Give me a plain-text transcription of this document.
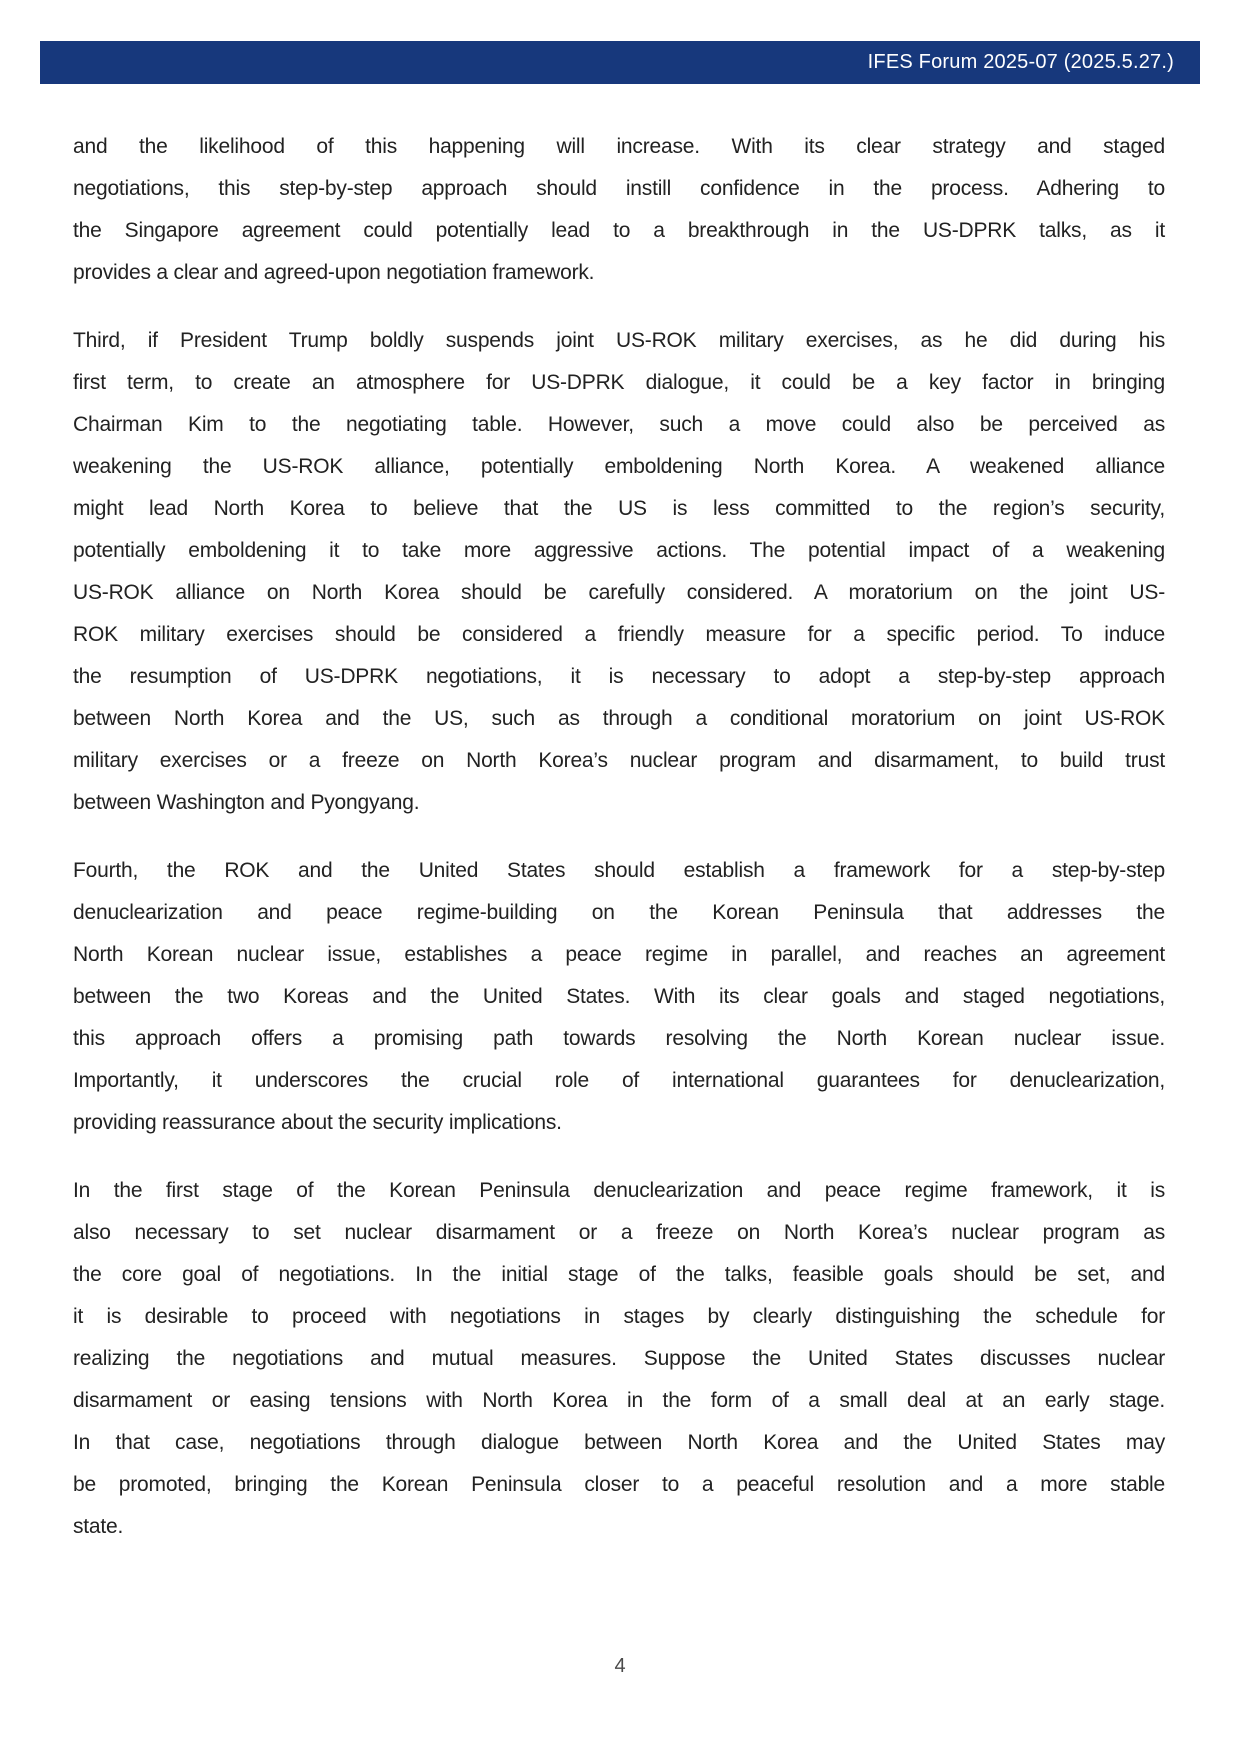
IFES Forum 2025-07 (2025.5.27.)
and the likelihood of this happening will increase. With its clear strategy and staged
negotiations, this step-by-step approach should instill confidence in the process. Adhering to
the Singapore agreement could potentially lead to a breakthrough in the US-DPRK talks, as it
provides a clear and agreed-upon negotiation framework.
Third, if President Trump boldly suspends joint US-ROK military exercises, as he did during his
first term, to create an atmosphere for US-DPRK dialogue, it could be a key factor in bringing
Chairman Kim to the negotiating table. However, such a move could also be perceived as
weakening the US-ROK alliance, potentially emboldening North Korea. A weakened alliance
might lead North Korea to believe that the US is less committed to the region’s security,
potentially emboldening it to take more aggressive actions. The potential impact of a weakening
US-ROK alliance on North Korea should be carefully considered. A moratorium on the joint US-
ROK military exercises should be considered a friendly measure for a specific period. To induce
the resumption of US-DPRK negotiations, it is necessary to adopt a step-by-step approach
between North Korea and the US, such as through a conditional moratorium on joint US-ROK
military exercises or a freeze on North Korea’s nuclear program and disarmament, to build trust
between Washington and Pyongyang.
Fourth, the ROK and the United States should establish a framework for a step-by-step
denuclearization and peace regime-building on the Korean Peninsula that addresses the
North Korean nuclear issue, establishes a peace regime in parallel, and reaches an agreement
between the two Koreas and the United States. With its clear goals and staged negotiations,
this approach offers a promising path towards resolving the North Korean nuclear issue.
Importantly, it underscores the crucial role of international guarantees for denuclearization,
providing reassurance about the security implications.
In the first stage of the Korean Peninsula denuclearization and peace regime framework, it is
also necessary to set nuclear disarmament or a freeze on North Korea’s nuclear program as
the core goal of negotiations. In the initial stage of the talks, feasible goals should be set, and
it is desirable to proceed with negotiations in stages by clearly distinguishing the schedule for
realizing the negotiations and mutual measures. Suppose the United States discusses nuclear
disarmament or easing tensions with North Korea in the form of a small deal at an early stage.
In that case, negotiations through dialogue between North Korea and the United States may
be promoted, bringing the Korean Peninsula closer to a peaceful resolution and a more stable
state.
4
